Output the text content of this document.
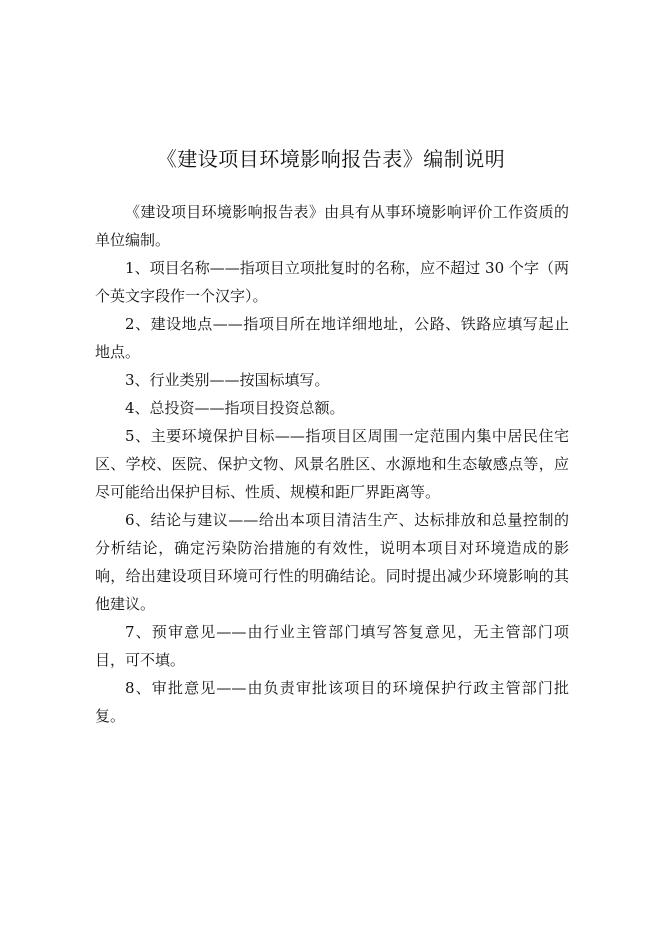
《建设项目环境影响报告表》编制说明

《建设项目环境影响报告表》由具有从事环境影响评价工作资质的单位编制。

1、项目名称——指项目立项批复时的名称，应不超过 30 个字（两个英文字段作一个汉字）。

2、建设地点——指项目所在地详细地址，公路、铁路应填写起止地点。

3、行业类别——按国标填写。

4、总投资——指项目投资总额。

5、主要环境保护目标——指项目区周围一定范围内集中居民住宅区、学校、医院、保护文物、风景名胜区、水源地和生态敏感点等，应尽可能给出保护目标、性质、规模和距厂界距离等。

6、结论与建议——给出本项目清洁生产、达标排放和总量控制的分析结论，确定污染防治措施的有效性，说明本项目对环境造成的影响，给出建设项目环境可行性的明确结论。同时提出减少环境影响的其他建议。

7、预审意见——由行业主管部门填写答复意见，无主管部门项目，可不填。

8、审批意见——由负责审批该项目的环境保护行政主管部门批复。
